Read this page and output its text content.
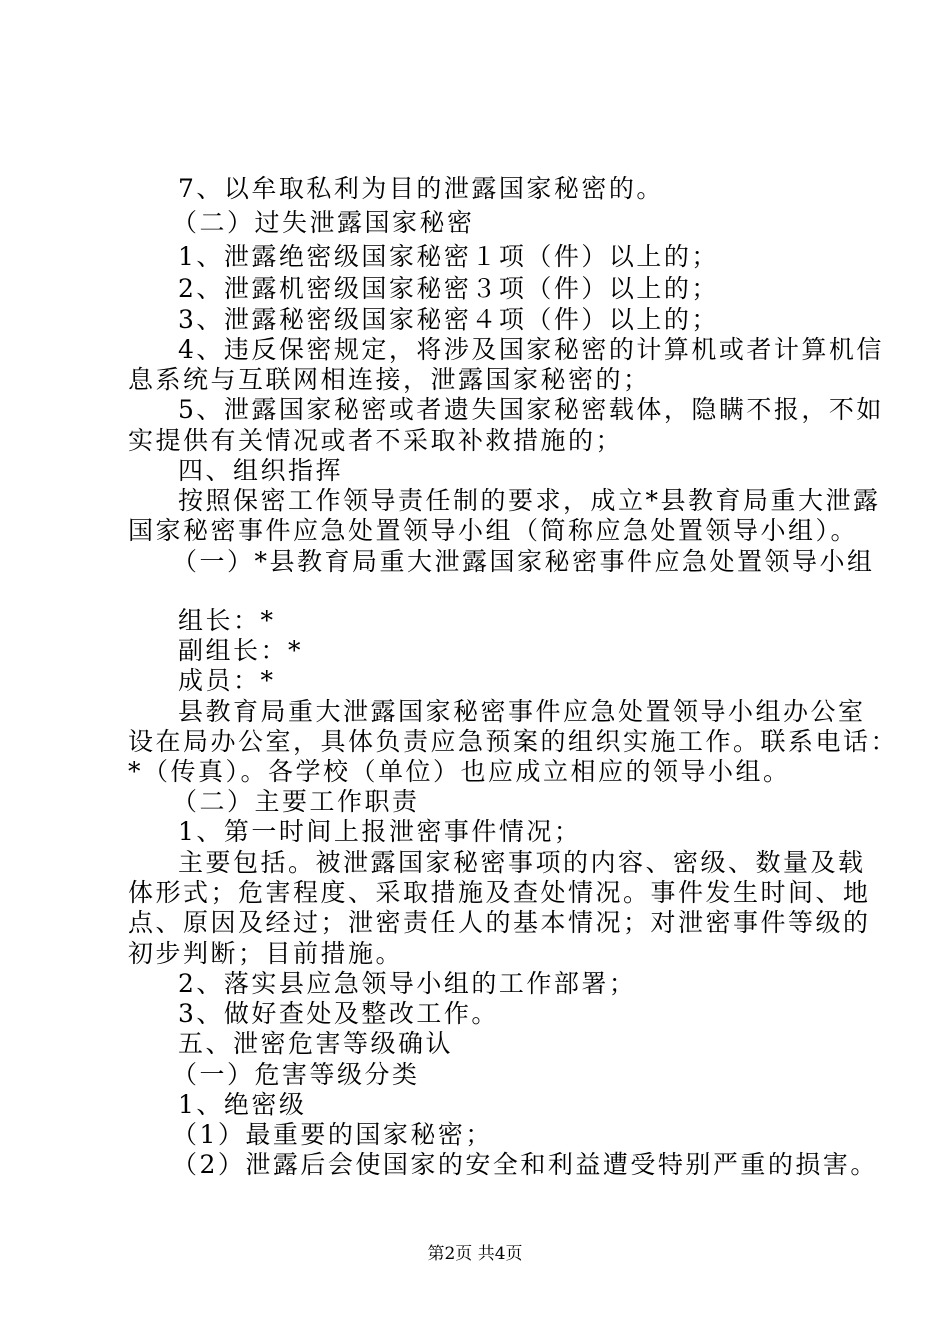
7、以牟取私利为目的泄露国家秘密的。
（二）过失泄露国家秘密
1、泄露绝密级国家秘密１项（件）以上的；
2、泄露机密级国家秘密３项（件）以上的；
3、泄露秘密级国家秘密４项（件）以上的；
4、违反保密规定，将涉及国家秘密的计算机或者计算机信
息系统与互联网相连接，泄露国家秘密的；
5、泄露国家秘密或者遗失国家秘密载体，隐瞒不报，不如
实提供有关情况或者不采取补救措施的；
四、组织指挥
按照保密工作领导责任制的要求，成立*县教育局重大泄露
国家秘密事件应急处置领导小组（简称应急处置领导小组）。
（一）*县教育局重大泄露国家秘密事件应急处置领导小组
组长：*
副组长：*
成员：*
县教育局重大泄露国家秘密事件应急处置领导小组办公室
设在局办公室，具体负责应急预案的组织实施工作。联系电话：
*（传真）。各学校（单位）也应成立相应的领导小组。
（二）主要工作职责
1、第一时间上报泄密事件情况；
主要包括。被泄露国家秘密事项的内容、密级、数量及载
体形式；危害程度、采取措施及查处情况。事件发生时间、地
点、原因及经过；泄密责任人的基本情况；对泄密事件等级的
初步判断；目前措施。
2、落实县应急领导小组的工作部署；
3、做好查处及整改工作。
五、泄密危害等级确认
（一）危害等级分类
1、绝密级
（1）最重要的国家秘密；
（2）泄露后会使国家的安全和利益遭受特别严重的损害。
第2页 共4页
